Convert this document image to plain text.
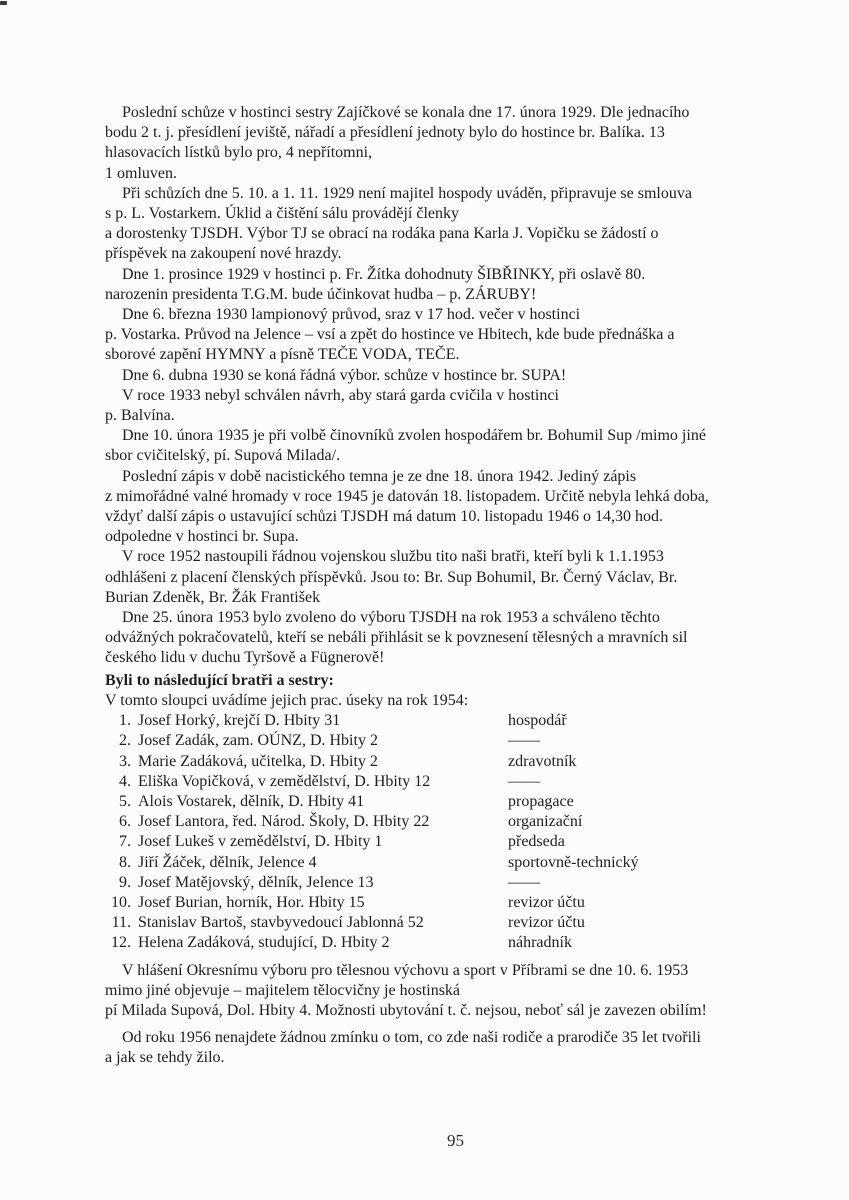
Poslední schůze v hostinci sestry Zajíčkové se konala dne 17. února 1929. Dle jednacího
bodu 2 t. j. přesídlení jeviště, nářadí a přesídlení jednoty bylo do hostince br. Balíka. 13
hlasovacích lístků bylo pro, 4 nepřítomni,
1 omluven.
Při schůzích dne 5. 10. a 1. 11. 1929 není majitel hospody uváděn, připravuje se smlouva
s p. L. Vostarkem. Úklid a čištění sálu provádějí členky
a dorostenky TJSDH. Výbor TJ se obrací na rodáka pana Karla J. Vopičku se žádostí o
příspěvek na zakoupení nové hrazdy.
Dne 1. prosince 1929 v hostinci p. Fr. Žítka dohodnuty ŠIBŘINKY, při oslavě 80.
narozenin presidenta T.G.M. bude účinkovat hudba – p. ZÁRUBY!
Dne 6. března 1930 lampionový průvod, sraz v 17 hod. večer v hostinci
p. Vostarka. Průvod na Jelence – vsí a zpět do hostince ve Hbitech, kde bude přednáška a
sborové zapění HYMNY a písně TEČE VODA, TEČE.
Dne 6. dubna 1930 se koná řádná výbor. schůze v hostince br. SUPA!
V roce 1933 nebyl schválen návrh, aby stará garda cvičila v hostinci
p. Balvína.
Dne 10. února 1935 je při volbě činovníků zvolen hospodářem br. Bohumil Sup /mimo jiné
sbor cvičitelský, pí. Supová Milada/.
Poslední zápis v době nacistického temna je ze dne 18. února 1942. Jediný zápis
z mimořádné valné hromady v roce 1945 je datován 18. listopadem. Určitě nebyla lehká doba,
vždyť další zápis o ustavující schůzi TJSDH má datum 10. listopadu 1946 o 14,30 hod.
odpoledne v hostinci br. Supa.
V roce 1952 nastoupili řádnou vojenskou službu tito naši bratři, kteří byli k 1.1.1953
odhlášeni z placení členských příspěvků. Jsou to: Br. Sup Bohumil, Br. Černý Václav, Br.
Burian Zdeněk, Br. Žák František
Dne 25. února 1953 bylo zvoleno do výboru TJSDH na rok 1953 a schváleno těchto
odvážných pokračovatelů, kteří se nebáli přihlásit se k povznesení tělesných a mravních sil
českého lidu v duchu Tyršově a Fügnerově!
Byli to následující bratři a sestry:
V tomto sloupci uvádíme jejich prac. úseky na rok 1954:
1. Josef Horký, krejčí D. Hbity 31	hospodář
2. Josef Zadák, zam. OÚNZ, D. Hbity 2	——
3. Marie Zadáková, učitelka, D. Hbity 2	zdravotník
4. Eliška Vopičková, v zemědělství, D. Hbity 12	——
5. Alois Vostarek, dělník, D. Hbity 41	propagace
6. Josef Lantora, řed. Národ. Školy, D. Hbity 22	organizační
7. Josef Lukeš v zemědělství, D. Hbity 1	předseda
8. Jiří Žáček, dělník, Jelence 4	sportovně-technický
9. Josef Matějovský, dělník, Jelence 13	——
10. Josef Burian, horník, Hor. Hbity 15	revizor účtu
11. Stanislav Bartoš, stavbyvedoucí Jablonná 52	revizor účtu
12. Helena Zadáková, studující, D. Hbity 2	náhradník
V hlášení Okresnímu výboru pro tělesnou výchovu a sport v Příbrami se dne 10. 6. 1953
mimo jiné objevuje – majitelem tělocvičny je hostinská
pí Milada Supová, Dol. Hbity 4. Možnosti ubytování t. č. nejsou, neboť sál je zavezen obilím!
Od roku 1956 nenajdete žádnou zmínku o tom, co zde naši rodiče a prarodiče 35 let tvořili
a jak se tehdy žilo.
95
